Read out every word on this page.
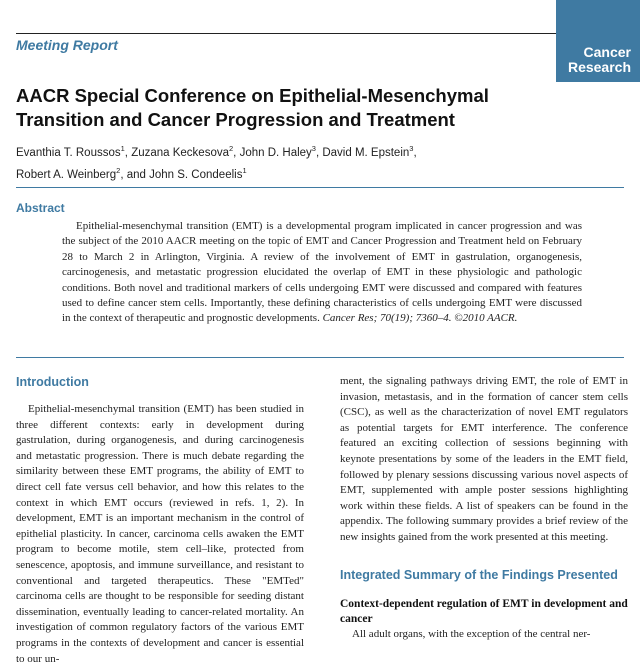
Cancer
Research
Meeting Report
AACR Special Conference on Epithelial-Mesenchymal Transition and Cancer Progression and Treatment
Evanthia T. Roussos$^1$, Zuzana Keckesova$^2$, John D. Haley$^3$, David M. Epstein$^3$,
Robert A. Weinberg$^2$, and John S. Condeelis$^1$
Abstract

Epithelial-mesenchymal transition (EMT) is a developmental program implicated in cancer progression and was the subject of the 2010 AACR meeting on the topic of EMT and Cancer Progression and Treatment held on February 28 to March 2 in Arlington, Virginia. A review of the involvement of EMT in gastrulation, organogenesis, carcinogenesis, and metastatic progression elucidated the overlap of EMT in these physiologic and pathologic conditions. Both novel and traditional markers of cells undergoing EMT were discussed and compared with features used to define cancer stem cells. Importantly, these defining characteristics of cells undergoing EMT were discussed in the context of therapeutic and prognostic developments. Cancer Res; 70(19); 7360–4. ©2010 AACR.

Introduction

Epithelial-mesenchymal transition (EMT) has been studied in three different contexts: early in development during gastrulation, during organogenesis, and during carcinogenesis and metastatic progression. There is much debate regarding the similarity between these EMT programs, the ability of EMT to direct cell fate versus cell behavior, and how this relates to the context in which EMT occurs (reviewed in refs. 1, 2). In development, EMT is an important mechanism in the control of epithelial plasticity. In cancer, carcinoma cells awaken the EMT program to become motile, stem cell–like, protected from senescence, apoptosis, and immune surveillance, and resistant to conventional and targeted therapeutics. These "EMTed" carcinoma cells are thought to be responsible for seeding distant dissemination, eventually leading to cancer-related mortality. An investigation of common regulatory factors of the various EMT programs in the contexts of development and cancer is essential to our un-

ment, the signaling pathways driving EMT, the role of EMT in invasion, metastasis, and in the formation of cancer stem cells (CSC), as well as the characterization of novel EMT regulators as potential targets for EMT interference. The conference featured an exciting collection of sessions beginning with keynote presentations by some of the leaders in the EMT field, followed by plenary sessions discussing various novel aspects of EMT, supplemented with ample poster sessions highlighting work within these fields. A list of speakers can be found in the appendix. The following summary provides a brief review of the new insights gained from the work presented at this meeting.

Integrated Summary of the Findings Presented
Context-dependent regulation of EMT in development and cancer

All adult organs, with the exception of the central ner-
